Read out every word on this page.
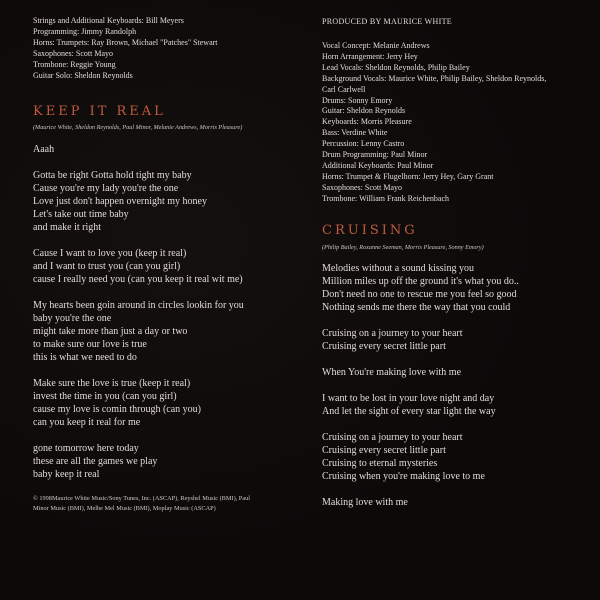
Strings and Additional Keyboards: Bill Meyers
Programming: Jimmy Randolph
Horns: Trumpets: Ray Brown, Michael "Patches" Stewart
Saxophones: Scott Mayo
Trombone: Reggie Young
Guitar Solo: Sheldon Reynolds
KEEP IT REAL
(Maurice White, Sheldon Reynolds, Paul Minor, Melanie Andrews, Morris Pleasure)
Aaah
Gotta be right Gotta hold tight my baby
Cause you're my lady you're the one
Love just don't happen overnight my honey
Let's take out time baby
and make it right
Cause I want to love you (keep it real)
and I want to trust you (can you girl)
cause I really need you (can you keep it real wit me)
My hearts been goin around in circles lookin for you
baby you're the one
might take more than just a day or two
to make sure our love is true
this is what we need to do
Make sure the love is true (keep it real)
invest the time in you (can you girl)
cause my love is comin through (can you)
can you keep it real for me
gone tomorrow here today
these are all the games we play
baby keep it real
© 1998Maurice White Music/Sony Tunes, Inc. (ASCAP), Reyshel Music (BMI), Paul
Minor Music (BMI), Melbe Mel Music (BMI), Moplay Music (ASCAP)
PRODUCED BY MAURICE WHITE
Vocal Concept: Melanie Andrews
Horn Arrangement: Jerry Hey
Lead Vocals: Sheldon Reynolds, Philip Bailey
Background Vocals: Maurice White, Philip Bailey, Sheldon Reynolds,
Carl Carlwell
Drums: Sonny Emory
Guitar: Sheldon Reynolds
Keyboards: Morris Pleasure
Bass: Verdine White
Percussion: Lenny Castro
Drum Programming: Paul Minor
Additional Keyboards: Paul Minor
Horns: Trumpet & Flugelhorn: Jerry Hey, Gary Grant
Saxophones: Scott Mayo
Trombone: William Frank Reichenbach
CRUISING
(Philip Bailey, Roxanne Seeman, Morris Pleasure, Sonny Emory)
Melodies without a sound kissing you
Million miles up off the ground it's what you do..
Don't need no one to rescue me you feel so good
Nothing sends me there the way that you could
Cruising on a journey to your heart
Cruising every secret little part
When You're making love with me
I want to be lost in your love night and day
And let the sight of every star light the way
Cruising on a journey to your heart
Cruising every secret little part
Cruising to eternal mysteries
Cruising when you're making love to me
Making love with me
